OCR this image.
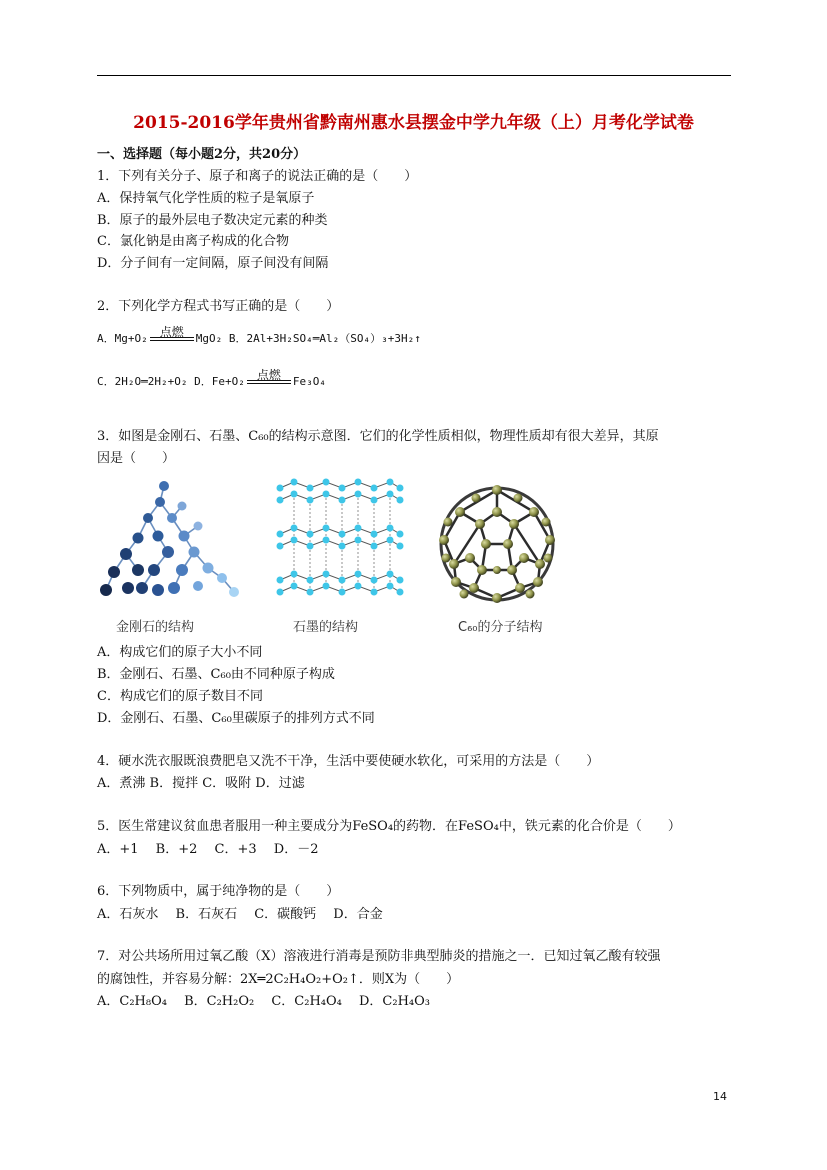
2015-2016学年贵州省黔南州惠水县摆金中学九年级（上）月考化学试卷
一、选择题（每小题2分，共20分）
1．下列有关分子、原子和离子的说法正确的是（　　）
A．保持氧气化学性质的粒子是氧原子
B．原子的最外层电子数决定元素的种类
C．氯化钠是由离子构成的化合物
D．分子间有一定间隔，原子间没有间隔
2．下列化学方程式书写正确的是（　　）
A．Mg+O₂ 点燃	MgO₂ B．2Al+3H₂SO₄═Al₂（SO₄）₃+3H₂↑
C．2H₂O═2H₂+O₂ D．Fe+O₂ 点燃	Fe₃O₄
3．如图是金刚石、石墨、C₆₀的结构示意图．它们的化学性质相似，物理性质却有很大差异，其原
因是（　　）
金刚石的结构	石墨的结构	C₆₀的分子结构
A．构成它们的原子大小不同
B．金刚石、石墨、C₆₀由不同种原子构成
C．构成它们的原子数目不同
D．金刚石、石墨、C₆₀里碳原子的排列方式不同
4．硬水洗衣服既浪费肥皂又洗不干净，生活中要使硬水软化，可采用的方法是（　　）
A．煮沸 B．搅拌 C．吸附 D．过滤
5．医生常建议贫血患者服用一种主要成分为FeSO₄的药物．在FeSO₄中，铁元素的化合价是（　　）
A．+1　 B．+2　 C．+3　 D．－2
6．下列物质中，属于纯净物的是（　　）
A．石灰水　 B．石灰石　 C．碳酸钙　 D．合金
7．对公共场所用过氧乙酸（X）溶液进行消毒是预防非典型肺炎的措施之一．已知过氧乙酸有较强
的腐蚀性，并容易分解：2X═2C₂H₄O₂+O₂↑．则X为（　　）
A．C₂H₈O₄　 B．C₂H₂O₂　 C．C₂H₄O₄　 D．C₂H₄O₃
14
